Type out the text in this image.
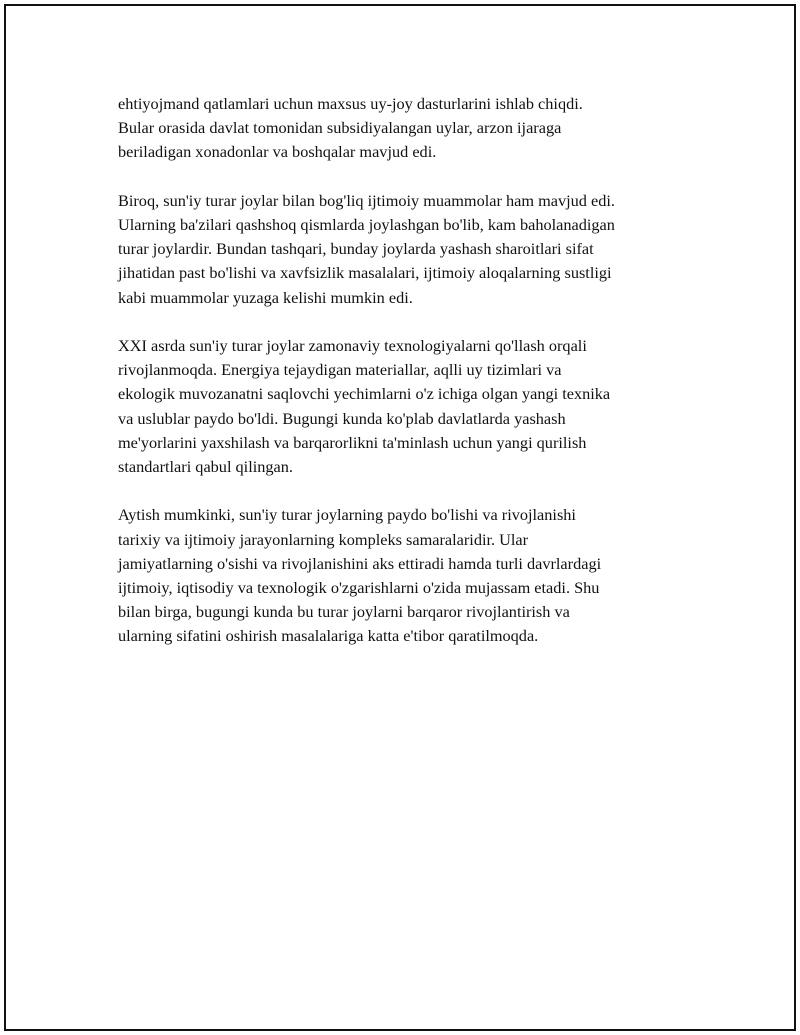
ehtiyojmand qatlamlari uchun maxsus uy-joy dasturlarini ishlab chiqdi.
Bular orasida davlat tomonidan subsidiyalangan uylar, arzon ijaraga
beriladigan xonadonlar va boshqalar mavjud edi.

Biroq, sun'iy turar joylar bilan bog'liq ijtimoiy muammolar ham mavjud edi.
Ularning ba'zilari qashshoq qismlarda joylashgan bo'lib, kam baholanadigan
turar joylardir. Bundan tashqari, bunday joylarda yashash sharoitlari sifat
jihatidan past bo'lishi va xavfsizlik masalalari, ijtimoiy aloqalarning sustligi
kabi muammolar yuzaga kelishi mumkin edi.

XXI asrda sun'iy turar joylar zamonaviy texnologiyalarni qo'llash orqali
rivojlanmoqda. Energiya tejaydigan materiallar, aqlli uy tizimlari va
ekologik muvozanatni saqlovchi yechimlarni o'z ichiga olgan yangi texnika
va uslublar paydo bo'ldi. Bugungi kunda ko'plab davlatlarda yashash
me'yorlarini yaxshilash va barqarorlikni ta'minlash uchun yangi qurilish
standartlari qabul qilingan.

Aytish mumkinki, sun'iy turar joylarning paydo bo'lishi va rivojlanishi
tarixiy va ijtimoiy jarayonlarning kompleks samaralaridir. Ular
jamiyatlarning o'sishi va rivojlanishini aks ettiradi hamda turli davrlardagi
ijtimoiy, iqtisodiy va texnologik o'zgarishlarni o'zida mujassam etadi. Shu
bilan birga, bugungi kunda bu turar joylarni barqaror rivojlantirish va
ularning sifatini oshirish masalalariga katta e'tibor qaratilmoqda.
